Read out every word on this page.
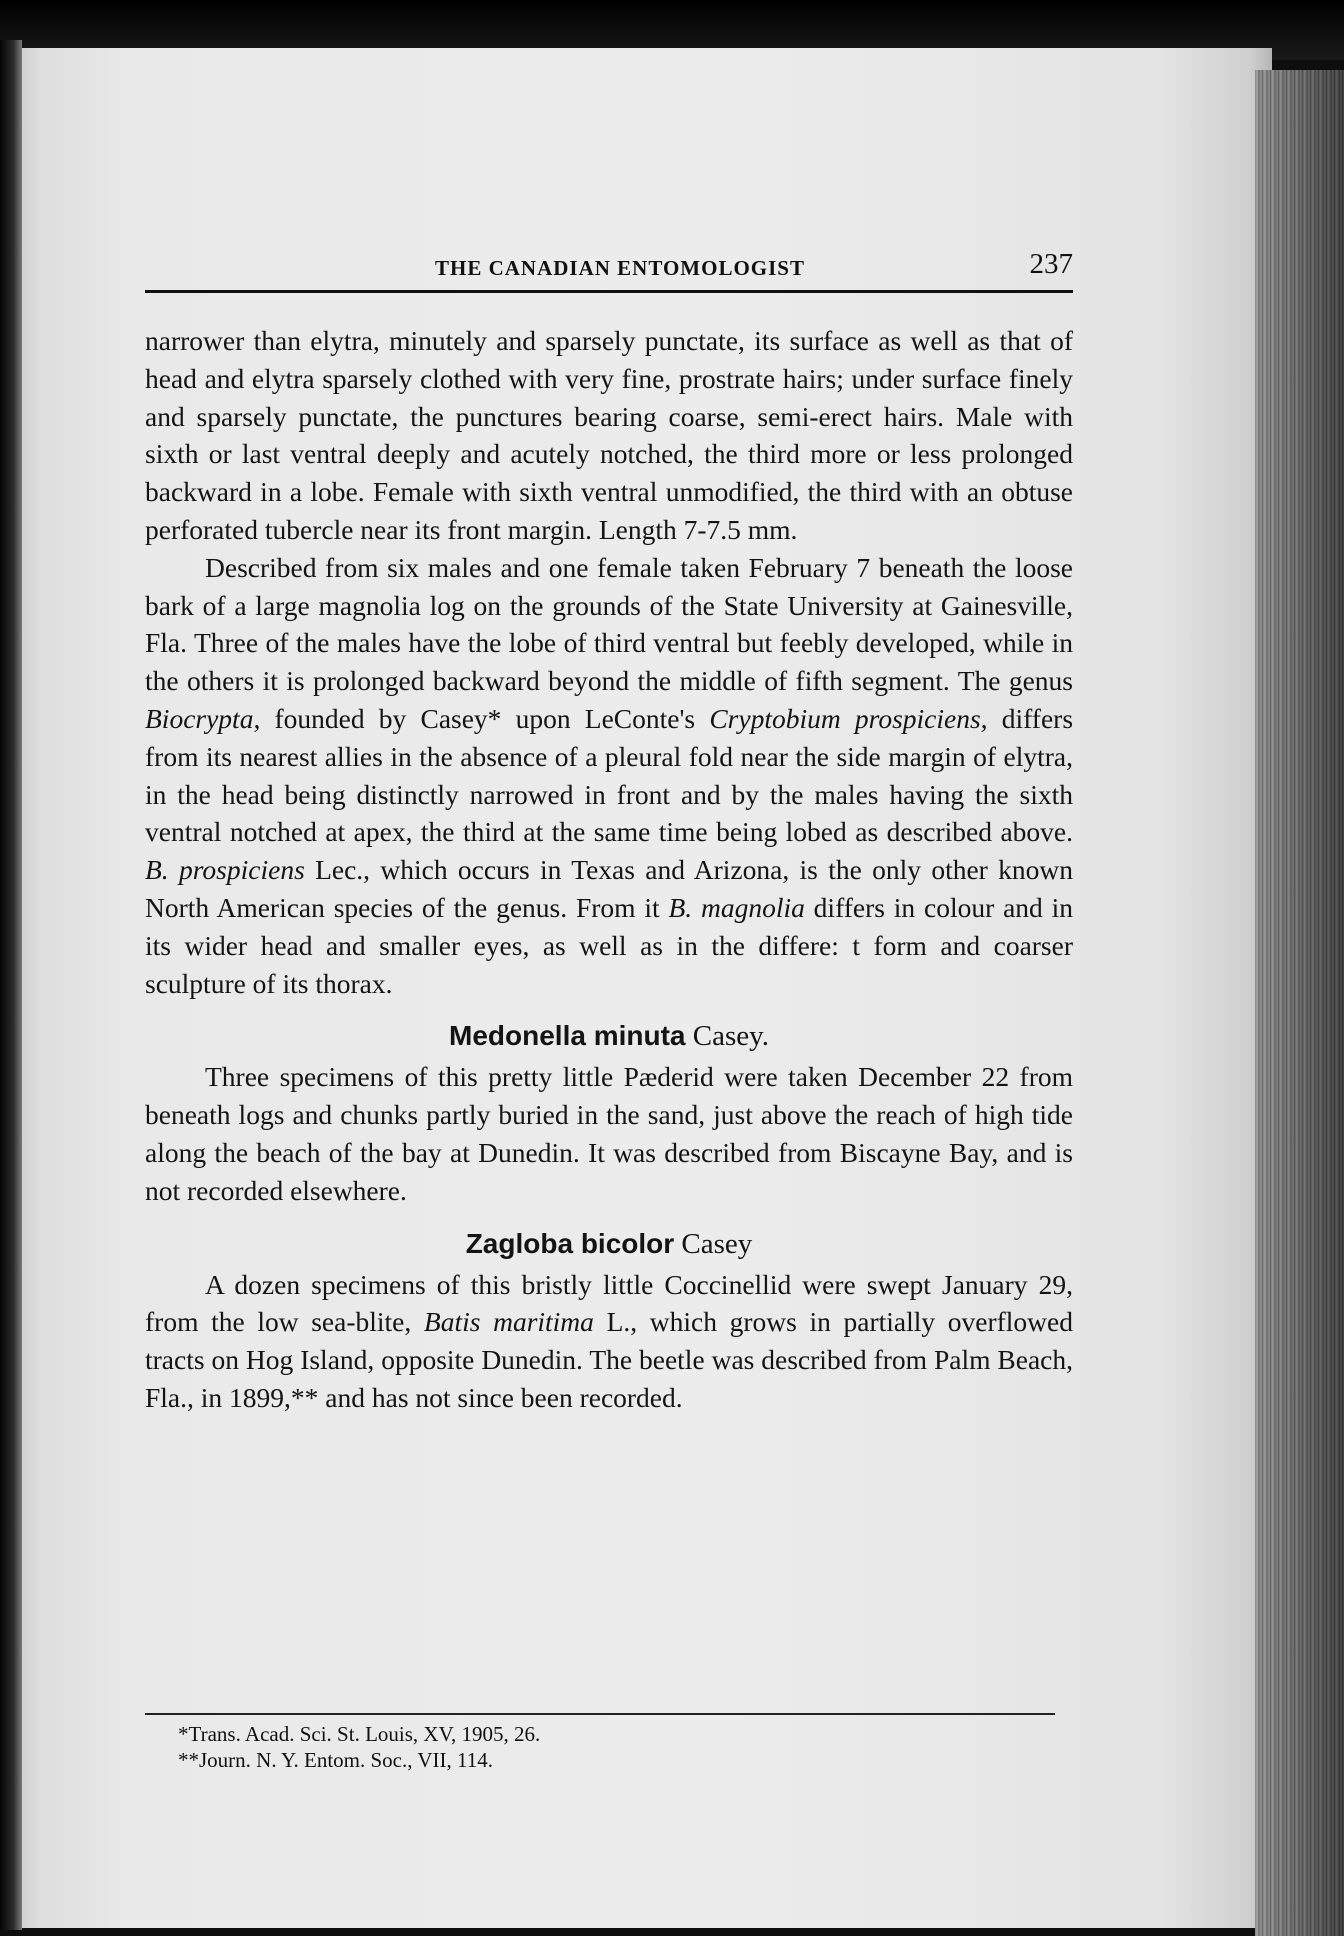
THE CANADIAN ENTOMOLOGIST	237

narrower than elytra, minutely and sparsely punctate, its surface as well as that of head and elytra sparsely clothed with very fine, prostrate hairs; under surface finely and sparsely punctate, the punctures bearing coarse, semi-erect hairs. Male with sixth or last ventral deeply and acutely notched, the third more or less prolonged backward in a lobe. Female with sixth ventral unmodified, the third with an obtuse perforated tubercle near its front margin. Length 7-7.5 mm.

Described from six males and one female taken February 7 beneath the loose bark of a large magnolia log on the grounds of the State University at Gainesville, Fla. Three of the males have the lobe of third ventral but feebly developed, while in the others it is prolonged backward beyond the middle of fifth segment. The genus Biocrypta, founded by Casey* upon LeConte's Cryptobium prospiciens, differs from its nearest allies in the absence of a pleural fold near the side margin of elytra, in the head being distinctly narrowed in front and by the males having the sixth ventral notched at apex, the third at the same time being lobed as described above. B. prospiciens Lec., which occurs in Texas and Arizona, is the only other known North American species of the genus. From it B. magnolia differs in colour and in its wider head and smaller eyes, as well as in the differe: t form and coarser sculpture of its thorax.

Medonella minuta Casey.

Three specimens of this pretty little Pæderid were taken December 22 from beneath logs and chunks partly buried in the sand, just above the reach of high tide along the beach of the bay at Dunedin. It was described from Biscayne Bay, and is not recorded elsewhere.

Zagloba bicolor Casey

A dozen specimens of this bristly little Coccinellid were swept January 29, from the low sea-blite, Batis maritima L., which grows in partially overflowed tracts on Hog Island, opposite Dunedin. The beetle was described from Palm Beach, Fla., in 1899,** and has not since been recorded.

*Trans. Acad. Sci. St. Louis, XV, 1905, 26.
**Journ. N. Y. Entom. Soc., VII, 114.
